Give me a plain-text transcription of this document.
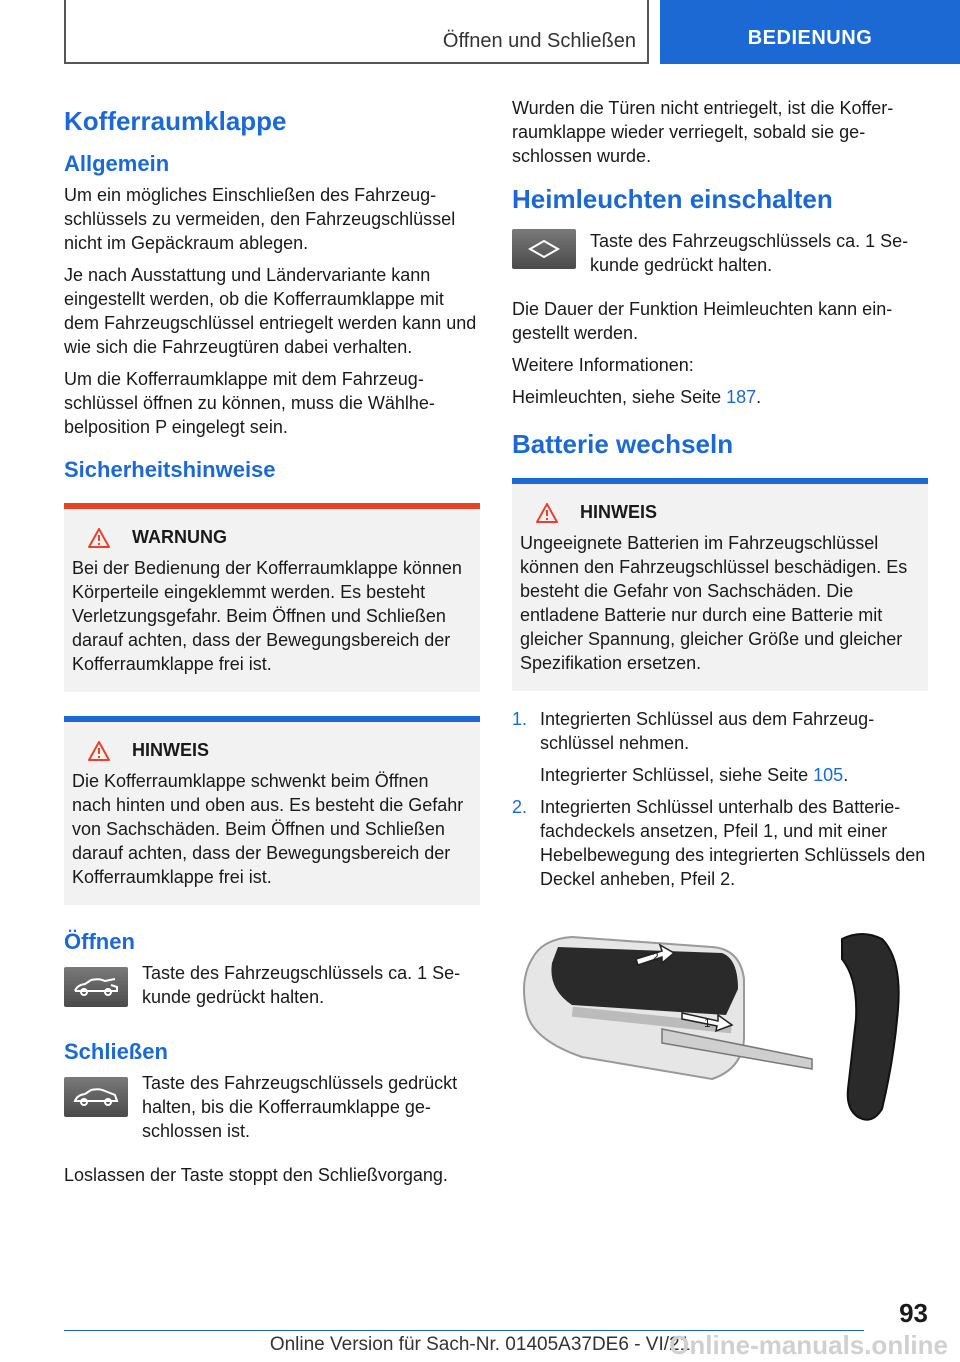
Öffnen und Schließen	BEDIENUNG
Kofferraumklappe
Allgemein

Um ein mögliches Einschließen des Fahrzeugschlüssels zu vermeiden, den Fahrzeugschlüssel nicht im Gepäckraum ablegen.

Je nach Ausstattung und Ländervariante kann eingestellt werden, ob die Kofferraumklappe mit dem Fahrzeugschlüssel entriegelt werden kann und wie sich die Fahrzeugtüren dabei verhalten.

Um die Kofferraumklappe mit dem Fahrzeugschlüssel öffnen zu können, muss die Wählhebelposition P eingelegt sein.

Sicherheitshinweise
WARNUNG

Bei der Bedienung der Kofferraumklappe können Körperteile eingeklemmt werden. Es besteht Verletzungsgefahr. Beim Öffnen und Schließen darauf achten, dass der Bewegungsbereich der Kofferraumklappe frei ist.

HINWEIS

Die Kofferraumklappe schwenkt beim Öffnen nach hinten und oben aus. Es besteht die Gefahr von Sachschäden. Beim Öffnen und Schließen darauf achten, dass der Bewegungsbereich der Kofferraumklappe frei ist.

Öffnen

Taste des Fahrzeugschlüssels ca. 1 Sekunde gedrückt halten.

Schließen

Taste des Fahrzeugschlüssels gedrückt halten, bis die Kofferraumklappe geschlossen ist.

Loslassen der Taste stoppt den Schließvorgang.

Wurden die Türen nicht entriegelt, ist die Kofferraumklappe wieder verriegelt, sobald sie geschlossen wurde.

Heimleuchten einschalten

Taste des Fahrzeugschlüssels ca. 1 Sekunde gedrückt halten.

Die Dauer der Funktion Heimleuchten kann eingestellt werden.

Weitere Informationen:

Heimleuchten, siehe Seite 187.

Batterie wechseln
HINWEIS

Ungeeignete Batterien im Fahrzeugschlüssel können den Fahrzeugschlüssel beschädigen. Es besteht die Gefahr von Sachschäden. Die entladene Batterie nur durch eine Batterie mit gleicher Spannung, gleicher Größe und gleicher Spezifikation ersetzen.

1. Integrierten Schlüssel aus dem Fahrzeugschlüssel nehmen.
Integrierter Schlüssel, siehe Seite 105.
2. Integrierten Schlüssel unterhalb des Batteriefachdeckels ansetzen, Pfeil 1, und mit einer Hebelbewegung des integrierten Schlüssels den Deckel anheben, Pfeil 2.
1
2
93
Online Version für Sach-Nr. 01405A37DE6 - VI/21
Online-manuals.online
